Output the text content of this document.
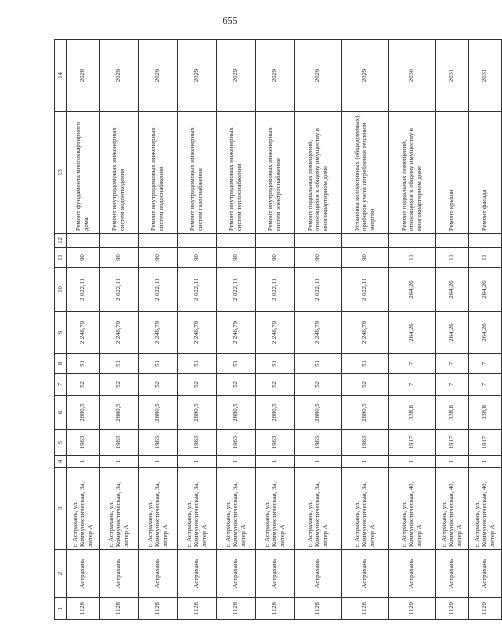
655
1	2	3	4	5	6	7	8	9	10	11	12	13	14
1128	Астрахань	г. Астрахань, ул. Коммунистическая, 3а, литер А	1	1963	2880,5	52	51	2 246,79	2 022,11	90		Ремонт фундамента многоквартирного дома	2028
1128	Астрахань	г. Астрахань, ул. Коммунистическая, 3а, литер А	1	1963	2880,5	52	51	2 246,79	2 022,11	90		Ремонт внутридомовых инженерных систем водоотведения	2029
1128	Астрахань	г. Астрахань, ул. Коммунистическая, 3а, литер А	1	1963	2880,5	52	51	2 246,79	2 022,11	90		Ремонт внутридомовых инженерных систем водоснабжения	2029
1128	Астрахань	г. Астрахань, ул. Коммунистическая, 3а, литер А	1	1963	2880,5	52	51	2 246,79	2 022,11	90		Ремонт внутридомовых инженерных систем газоснабжения	2029
1128	Астрахань	г. Астрахань, ул. Коммунистическая, 3а, литер А	1	1963	2880,5	52	51	2 246,79	2 022,11	90		Ремонт внутридомовых инженерных систем теплоснабжения	2029
1128	Астрахань	г. Астрахань, ул. Коммунистическая, 3а, литер А	1	1963	2880,5	52	51	2 246,79	2 022,11	90		Ремонт внутридомовых инженерных систем электроснабжения	2029
1128	Астрахань	г. Астрахань, ул. Коммунистическая, 3а, литер А	1	1963	2880,5	52	51	2 246,79	2 022,11	90		Ремонт подвальных помещений, относящихся к общему имуществу в многоквартирном доме	2029
1128	Астрахань	г. Астрахань, ул. Коммунистическая, 3а, литер А	1	1963	2880,5	52	51	2 246,79	2 022,11	90		Установка коллективных (общедомовых) приборов учета потребления тепловой энергии	2029
1129	Астрахань	г. Астрахань, ул. Коммунистическая, 40, литер А	1	1917	338,8	7	7	264,26	264,26	11		Ремонт подвальных помещений, относящихся к общему имуществу в многоквартирном доме	2030
1129	Астрахань	г. Астрахань, ул. Коммунистическая, 40, литер А	1	1917	338,8	7	7	264,26	264,26	11		Ремонт крыши	2031
1129	Астрахань	г. Астрахань, ул. Коммунистическая, 40, литер А	1	1917	338,8	7	7	264,26	264,26	11		Ремонт фасада	2031
